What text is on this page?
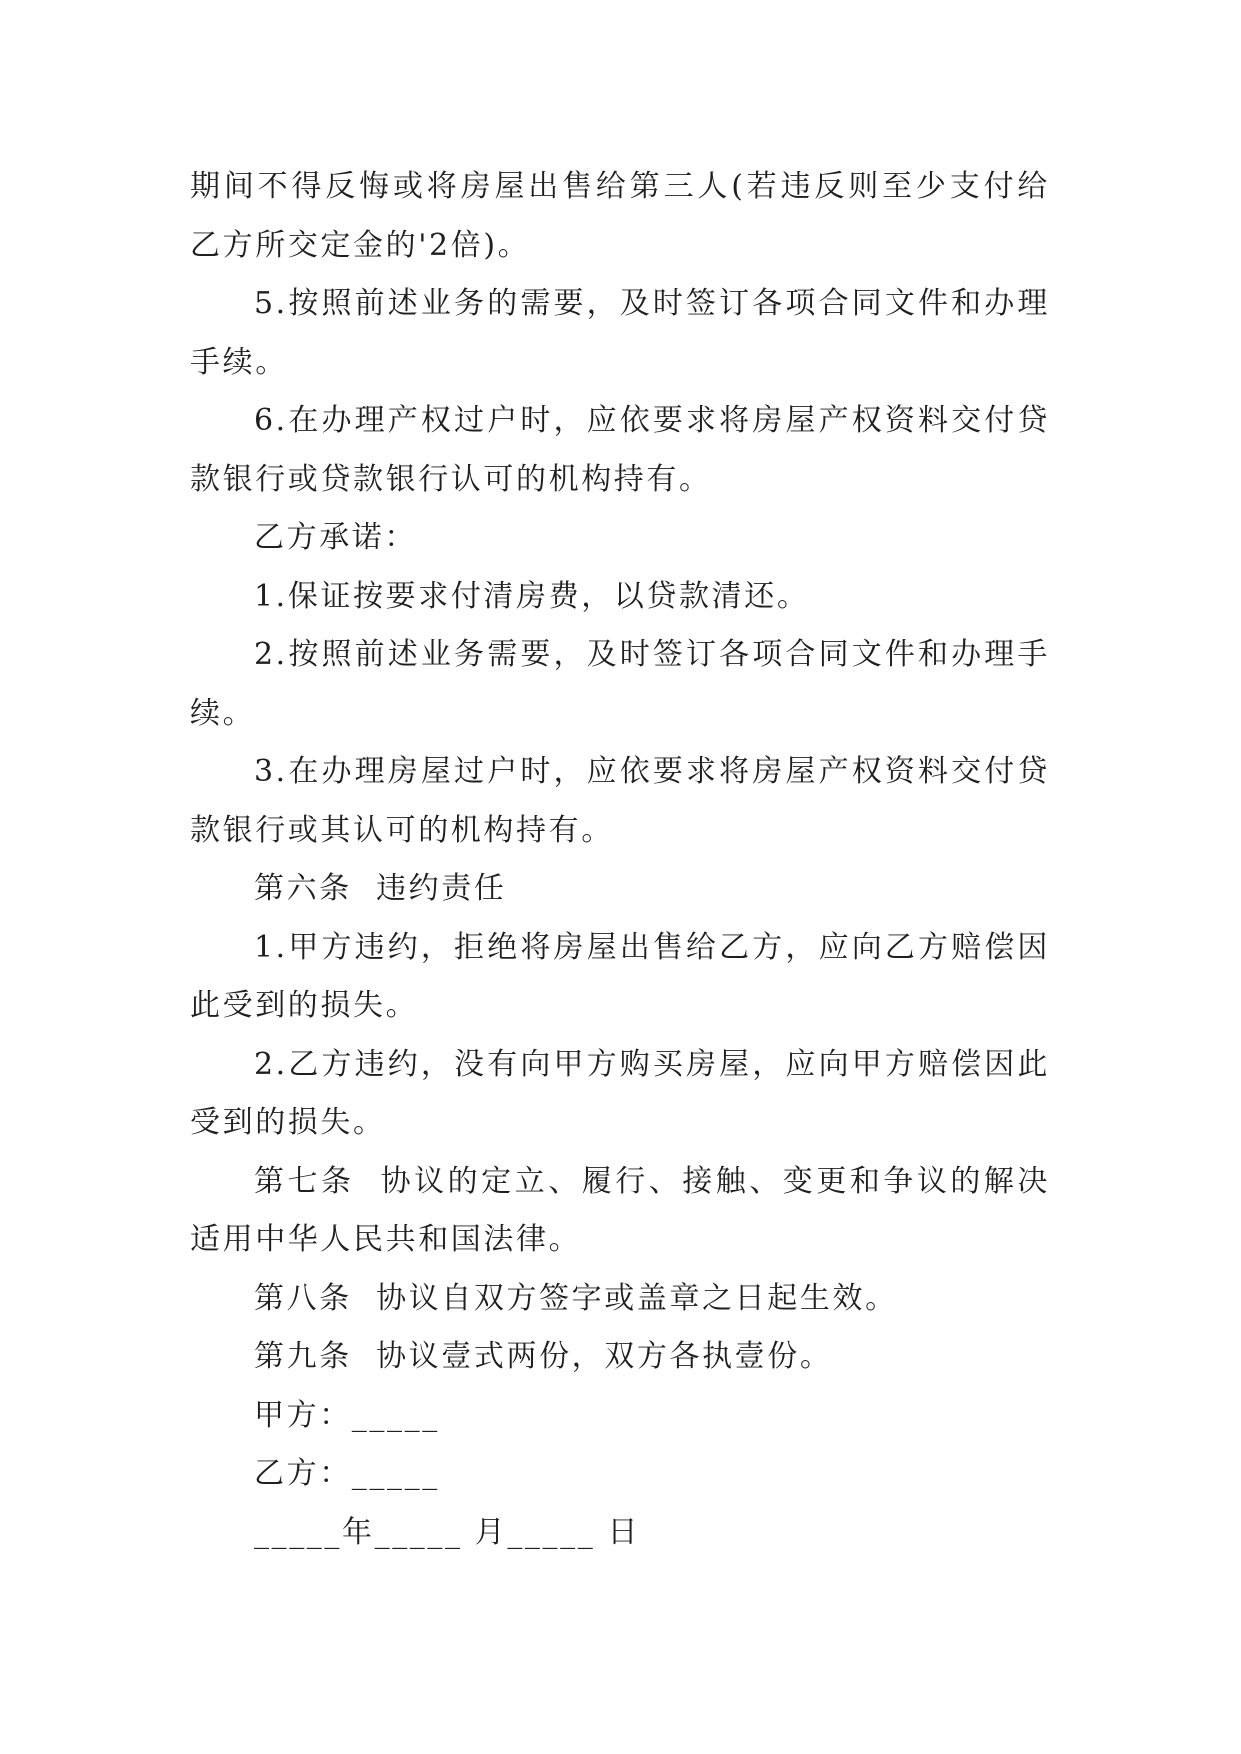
期间不得反悔或将房屋出售给第三人(若违反则至少支付给乙方所交定金的'2倍)。

5.按照前述业务的需要，及时签订各项合同文件和办理手续。

6.在办理产权过户时，应依要求将房屋产权资料交付贷款银行或贷款银行认可的机构持有。

乙方承诺：

1.保证按要求付清房费，以贷款清还。

2.按照前述业务需要，及时签订各项合同文件和办理手续。

3.在办理房屋过户时，应依要求将房屋产权资料交付贷款银行或其认可的机构持有。

第六条  违约责任

1.甲方违约，拒绝将房屋出售给乙方，应向乙方赔偿因此受到的损失。

2.乙方违约，没有向甲方购买房屋，应向甲方赔偿因此受到的损失。

第七条  协议的定立、履行、接触、变更和争议的解决适用中华人民共和国法律。

第八条  协议自双方签字或盖章之日起生效。

第九条  协议壹式两份，双方各执壹份。

甲方：_____

乙方：_____

_____年_____ 月_____ 日
